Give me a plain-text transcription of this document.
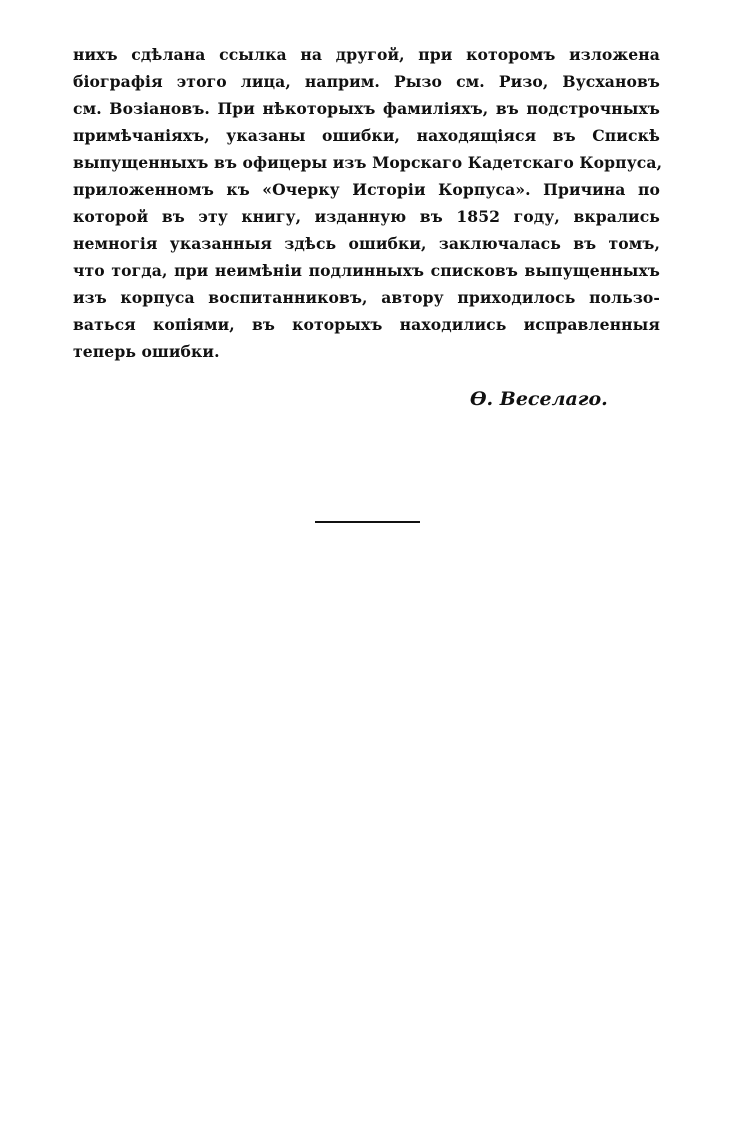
нихъ сдѣлана ссылка на другой, при которомъ изложена
біографія этого лица, наприм. Рызо см. Ризо, Вусхановъ
см. Возіановъ. При нѣкоторыхъ фамиліяхъ, въ подстрочныхъ
примѣчаніяхъ, указаны ошибки, находящіяся въ Спискѣ
выпущенныхъ въ офицеры изъ Морскаго Кадетскаго Корпуса,
приложенномъ къ «Очерку Исторіи Корпуса». Причина по
которой въ эту книгу, изданную въ 1852 году, вкрались
немногія указанныя здѣсь ошибки, заключалась въ томъ,
что тогда, при неимѣніи подлинныхъ списковъ выпущенныхъ
изъ корпуса воспитанниковъ, автору приходилось пользо-
ваться копіями, въ которыхъ находились исправленныя
теперь ошибки.
Ѳ. Веселаго.
